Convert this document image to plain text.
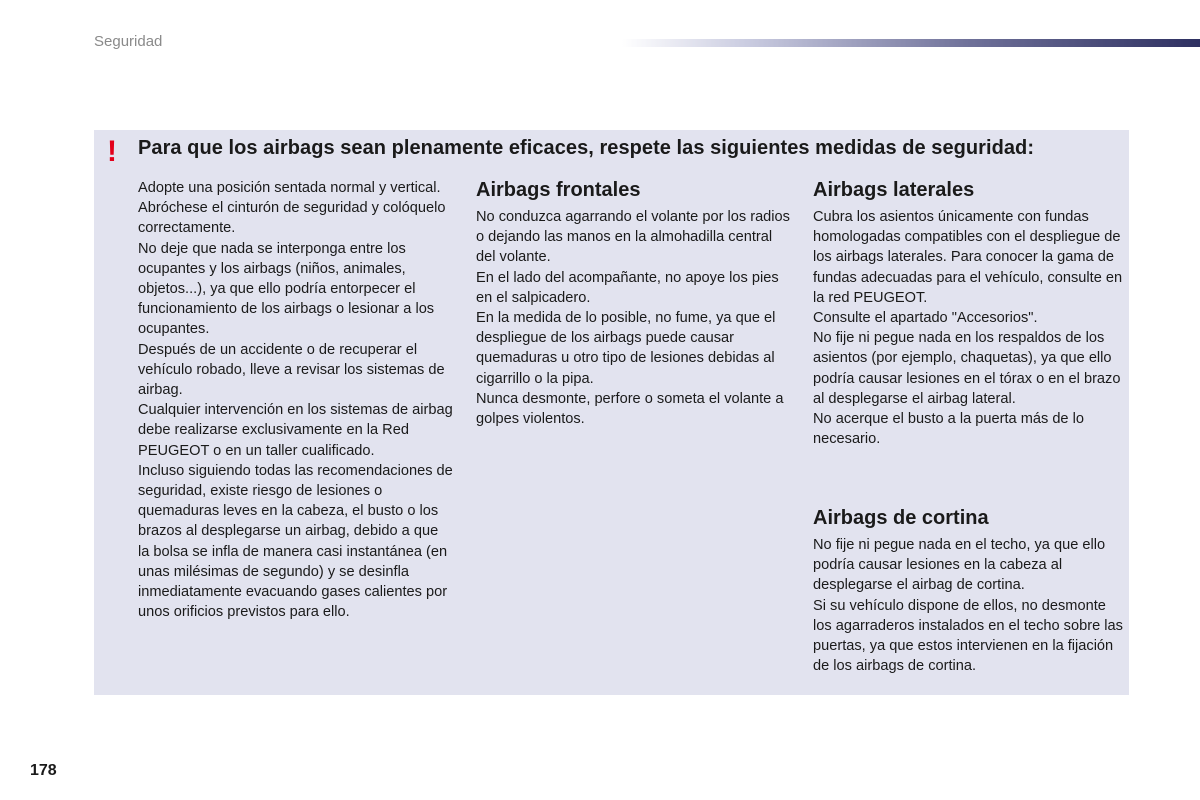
Seguridad
! Para que los airbags sean plenamente eficaces, respete las siguientes medidas de seguridad:

Adopte una posición sentada normal y vertical.

Abróchese el cinturón de seguridad y colóquelo correctamente.

No deje que nada se interponga entre los ocupantes y los airbags (niños, animales, objetos...), ya que ello podría entorpecer el funcionamiento de los airbags o lesionar a los ocupantes.

Después de un accidente o de recuperar el vehículo robado, lleve a revisar los sistemas de airbag.

Cualquier intervención en los sistemas de airbag debe realizarse exclusivamente en la Red PEUGEOT o en un taller cualificado.

Incluso siguiendo todas las recomendaciones de seguridad, existe riesgo de lesiones o quemaduras leves en la cabeza, el busto o los brazos al desplegarse un airbag, debido a que la bolsa se infla de manera casi instantánea (en unas milésimas de segundo) y se desinfla inmediatamente evacuando gases calientes por unos orificios previstos para ello.

Airbags frontales

No conduzca agarrando el volante por los radios o dejando las manos en la almohadilla central del volante.

En el lado del acompañante, no apoye los pies en el salpicadero.

En la medida de lo posible, no fume, ya que el despliegue de los airbags puede causar quemaduras u otro tipo de lesiones debidas al cigarrillo o la pipa.

Nunca desmonte, perfore o someta el volante a golpes violentos.

Airbags laterales

Cubra los asientos únicamente con fundas homologadas compatibles con el despliegue de los airbags laterales. Para conocer la gama de fundas adecuadas para el vehículo, consulte en la red PEUGEOT.

Consulte el apartado "Accesorios".

No fije ni pegue nada en los respaldos de los asientos (por ejemplo, chaquetas), ya que ello podría causar lesiones en el tórax o en el brazo al desplegarse el airbag lateral.

No acerque el busto a la puerta más de lo necesario.

Airbags de cortina

No fije ni pegue nada en el techo, ya que ello podría causar lesiones en la cabeza al desplegarse el airbag de cortina.

Si su vehículo dispone de ellos, no desmonte los agarraderos instalados en el techo sobre las puertas, ya que estos intervienen en la fijación de los airbags de cortina.

178
